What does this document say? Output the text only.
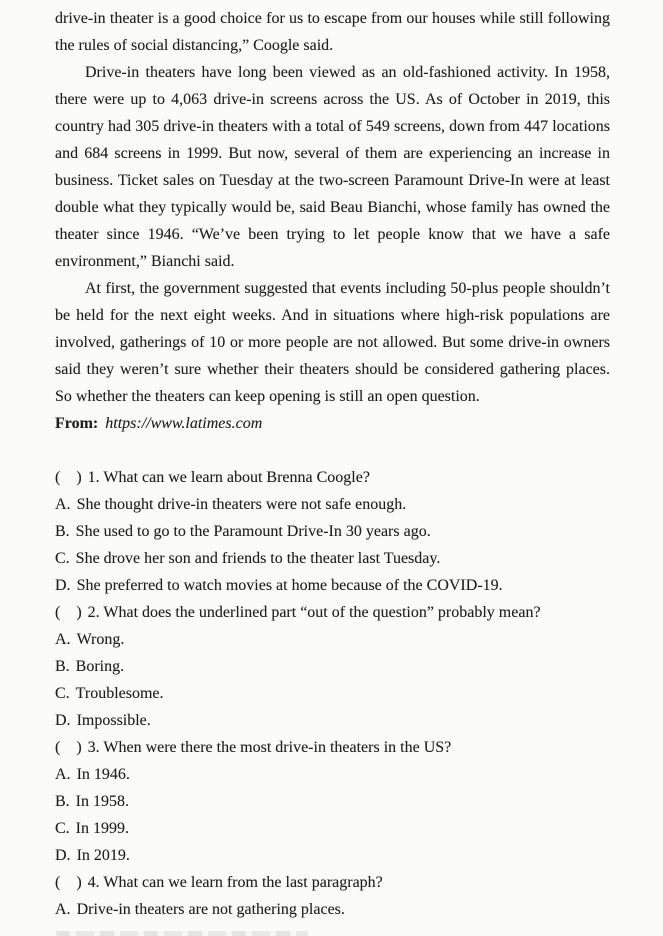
drive-in theater is a good choice for us to escape from our houses while still following the rules of social distancing,” Coogle said.

Drive-in theaters have long been viewed as an old-fashioned activity. In 1958, there were up to 4,063 drive-in screens across the US. As of October in 2019, this country had 305 drive-in theaters with a total of 549 screens, down from 447 locations and 684 screens in 1999. But now, several of them are experiencing an increase in business. Ticket sales on Tuesday at the two-screen Paramount Drive-In were at least double what they typically would be, said Beau Bianchi, whose family has owned the theater since 1946. “We’ve been trying to let people know that we have a safe environment,” Bianchi said.

At first, the government suggested that events including 50-plus people shouldn’t be held for the next eight weeks. And in situations where high-risk populations are involved, gatherings of 10 or more people are not allowed. But some drive-in owners said they weren’t sure whether their theaters should be considered gathering places. So whether the theaters can keep opening is still an open question.

From: https://www.latimes.com

(    ) 1. What can we learn about Brenna Coogle?

A. She thought drive-in theaters were not safe enough.

B. She used to go to the Paramount Drive-In 30 years ago.

C. She drove her son and friends to the theater last Tuesday.

D. She preferred to watch movies at home because of the COVID-19.

(    ) 2. What does the underlined part “out of the question” probably mean?

A. Wrong.

B. Boring.

C. Troublesome.

D. Impossible.

(    ) 3. When were there the most drive-in theaters in the US?

A. In 1946.

B. In 1958.

C. In 1999.

D. In 2019.

(    ) 4. What can we learn from the last paragraph?

A. Drive-in theaters are not gathering places.
